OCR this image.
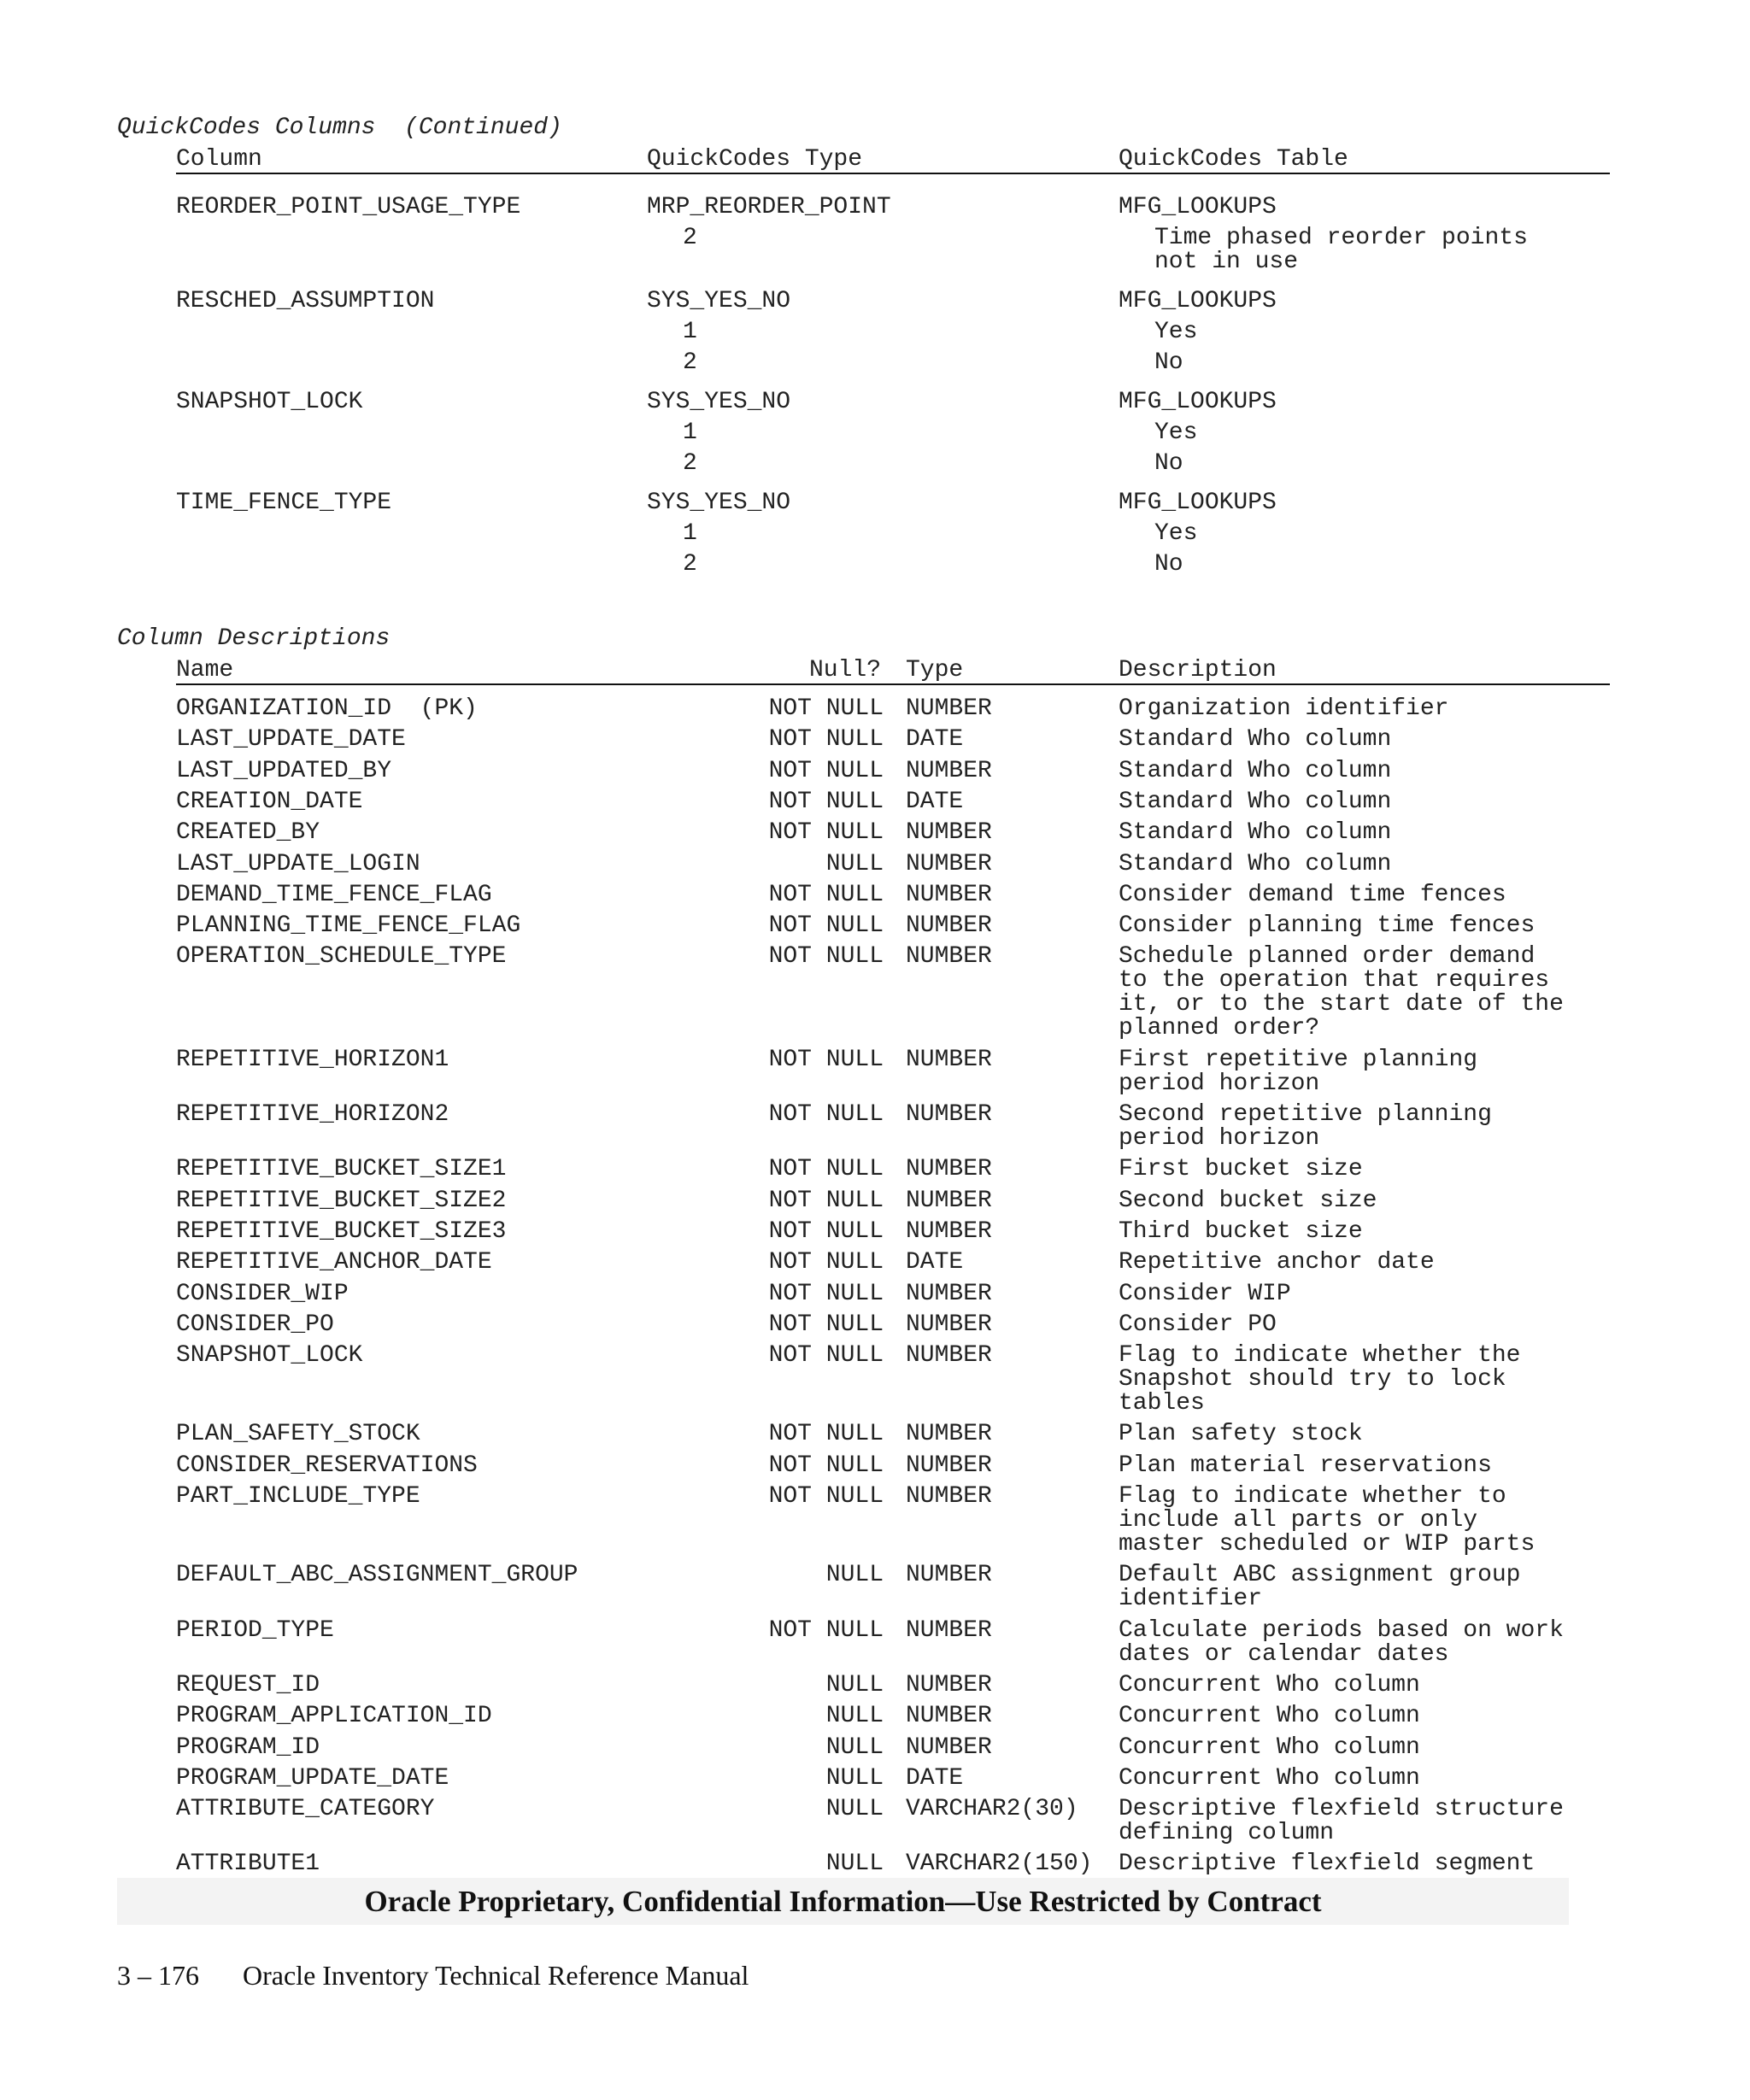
QuickCodes Columns  (Continued)
Column	QuickCodes Type	QuickCodes Table
REORDER_POINT_USAGE_TYPE	MRP_REORDER_POINT	MFG_LOOKUPS
2	Time phased reorder points
not in use
RESCHED_ASSUMPTION	SYS_YES_NO	MFG_LOOKUPS
1	Yes
2	No
SNAPSHOT_LOCK	SYS_YES_NO	MFG_LOOKUPS
1	Yes
2	No
TIME_FENCE_TYPE	SYS_YES_NO	MFG_LOOKUPS
1	Yes
2	No
Column Descriptions
Name	Null? Type	Description
ORGANIZATION_ID  (PK)	NOT NULL NUMBER	Organization identifier
LAST_UPDATE_DATE	NOT NULL DATE	Standard Who column
LAST_UPDATED_BY	NOT NULL NUMBER	Standard Who column
CREATION_DATE	NOT NULL DATE	Standard Who column
CREATED_BY	NOT NULL NUMBER	Standard Who column
LAST_UPDATE_LOGIN	NULL NUMBER	Standard Who column
DEMAND_TIME_FENCE_FLAG	NOT NULL NUMBER	Consider demand time fences
PLANNING_TIME_FENCE_FLAG	NOT NULL NUMBER	Consider planning time fences
OPERATION_SCHEDULE_TYPE	NOT NULL NUMBER	Schedule planned order demand
to the operation that requires
it, or to the start date of the
planned order?
REPETITIVE_HORIZON1	NOT NULL NUMBER	First repetitive planning
period horizon
REPETITIVE_HORIZON2	NOT NULL NUMBER	Second repetitive planning
period horizon
REPETITIVE_BUCKET_SIZE1	NOT NULL NUMBER	First bucket size
REPETITIVE_BUCKET_SIZE2	NOT NULL NUMBER	Second bucket size
REPETITIVE_BUCKET_SIZE3	NOT NULL NUMBER	Third bucket size
REPETITIVE_ANCHOR_DATE	NOT NULL DATE	Repetitive anchor date
CONSIDER_WIP	NOT NULL NUMBER	Consider WIP
CONSIDER_PO	NOT NULL NUMBER	Consider PO
SNAPSHOT_LOCK	NOT NULL NUMBER	Flag to indicate whether the
Snapshot should try to lock
tables
PLAN_SAFETY_STOCK	NOT NULL NUMBER	Plan safety stock
CONSIDER_RESERVATIONS	NOT NULL NUMBER	Plan material reservations
PART_INCLUDE_TYPE	NOT NULL NUMBER	Flag to indicate whether to
include all parts or only
master scheduled or WIP parts
DEFAULT_ABC_ASSIGNMENT_GROUP	NULL NUMBER	Default ABC assignment group
identifier
PERIOD_TYPE	NOT NULL NUMBER	Calculate periods based on work
dates or calendar dates
REQUEST_ID	NULL NUMBER	Concurrent Who column
PROGRAM_APPLICATION_ID	NULL NUMBER	Concurrent Who column
PROGRAM_ID	NULL NUMBER	Concurrent Who column
PROGRAM_UPDATE_DATE	NULL DATE	Concurrent Who column
ATTRIBUTE_CATEGORY	NULL VARCHAR2(30) Descriptive flexfield structure
defining column
ATTRIBUTE1	NULL VARCHAR2(150) Descriptive flexfield segment
Oracle Proprietary, Confidential Information––Use Restricted by Contract
3 – 176 Oracle Inventory Technical Reference Manual
